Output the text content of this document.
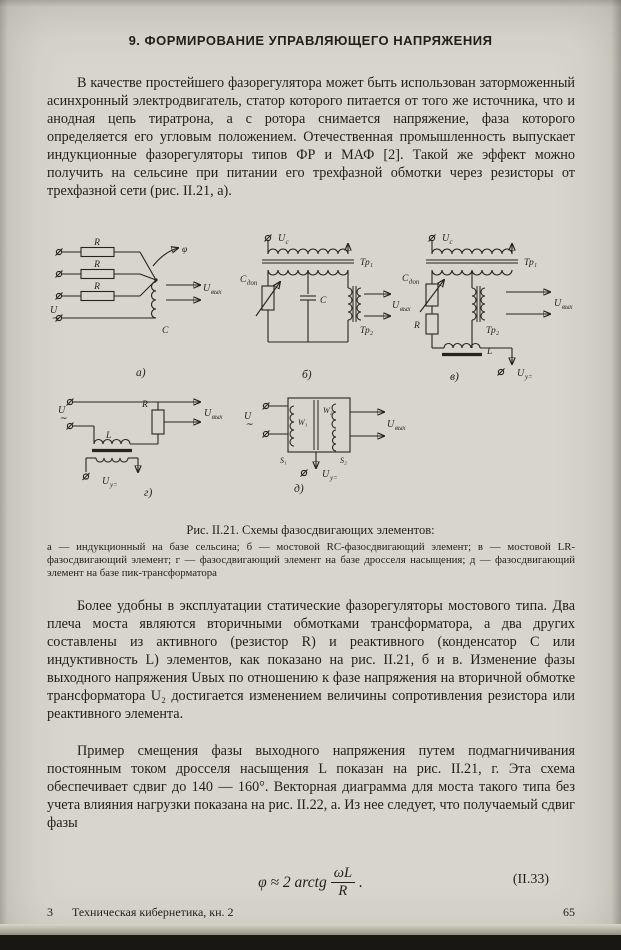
9. ФОРМИРОВАНИЕ УПРАВЛЯЮЩЕГО НАПРЯЖЕНИЯ
В качестве простейшего фазорегулятора может быть использован заторможенный асинхронный электродвигатель, статор которого питается от того же источника, что и анодная цепь тиратрона, а с ротора снимается напряжение, фаза которого определяется его угловым положением. Отечественная промышленность выпускает индукционные фазорегуляторы типов ФР и МАФ [2]. Такой же эффект можно получить на сельсине при питании его трехфазной обмотки через резисторы от трехфазной сети (рис. II.21, а).
R
R
R
φ
U вых
U
∼
C
а)
U с
Тр₁
С доп
C
Тр₂
U вых
б)
U с
Тр₁
С доп
R	Тр₂
L
U вых
U у=
в)
U
∼
R
L
U вых
U у=
г)
U
∼	W₁
W₂
S₁	S₂
U вых
U у=
д)
Рис. II.21. Схемы фазосдвигающих элементов:
а — индукционный на базе сельсина; б — мостовой RC-фазосдвигающий элемент; в — мостовой LR-фазосдвигающий элемент; г — фазосдвигающий элемент на базе дросселя насыщения; д — фазосдвигающий элемент на базе пик-трансформатора
Более удобны в эксплуатации статические фазорегуляторы мостового типа. Два плеча моста являются вторичными обмотками трансформатора, а два других составлены из активного (резистор R) и реактивного (конденсатор C или индуктивность L) элементов, как показано на рис. II.21, б и в. Изменение фазы выходного напряжения Uвых по отношению к фазе напряжения на вторичной обмотке трансформатора U₂ достигается изменением величины сопротивления резистора или реактивного элемента.
Пример смещения фазы выходного напряжения путем подмагничивания постоянным током дросселя насыщения L показан на рис. II.21, г. Эта схема обеспечивает сдвиг до 140 — 160°. Векторная диаграмма для моста такого типа без учета влияния нагрузки показана на рис. II.22, а. Из нее следует, что получаемый сдвиг фазы
φ ≈ 2 arctg $\frac{\omega L}{R}$ .	(II.33)
3 Техническая кибернетика, кн. 2	65
